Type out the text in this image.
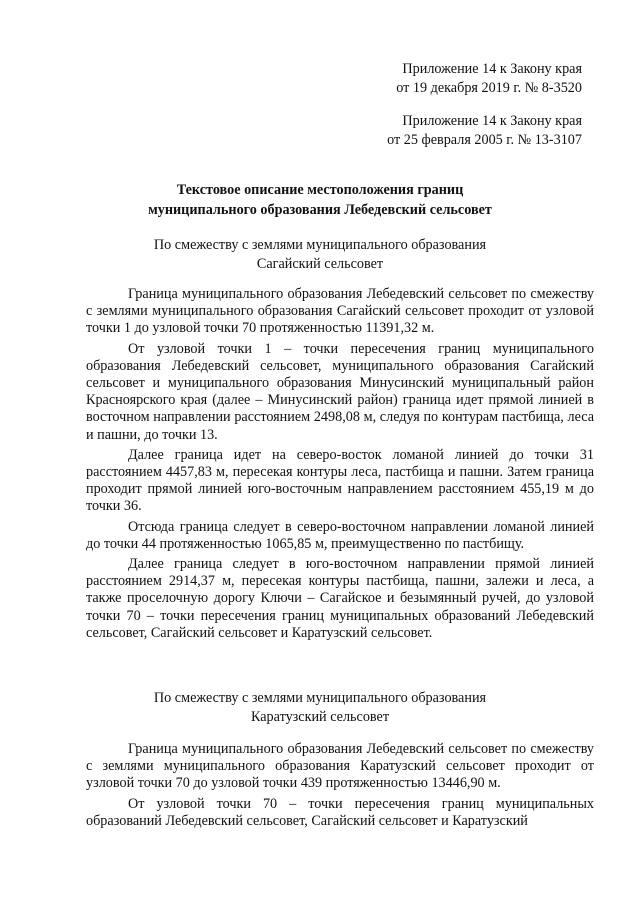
Приложение 14 к Закону края
от 19 декабря 2019 г. № 8-3520
Приложение 14 к Закону края
от 25 февраля 2005 г. № 13-3107
Текстовое описание местоположения границ
муниципального образования Лебедевский сельсовет
По смежеству с землями муниципального образования
Сагайский сельсовет

Граница муниципального образования Лебедевский сельсовет по смежеству с землями муниципального образования Сагайский сельсовет проходит от узловой точки 1 до узловой точки 70 протяженностью 11391,32 м.

От узловой точки 1 – точки пересечения границ муниципального образования Лебедевский сельсовет, муниципального образования Сагайский сельсовет и муниципального образования Минусинский муниципальный район Красноярского края (далее – Минусинский район) граница идет прямой линией в восточном направлении расстоянием 2498,08 м, следуя по контурам пастбища, леса и пашни, до точки 13.

Далее граница идет на северо-восток ломаной линией до точки 31 расстоянием 4457,83 м, пересекая контуры леса, пастбища и пашни. Затем граница проходит прямой линией юго-восточным направлением расстоянием 455,19 м до точки 36.

Отсюда граница следует в северо-восточном направлении ломаной линией до точки 44 протяженностью 1065,85 м, преимущественно по пастбищу.

Далее граница следует в юго-восточном направлении прямой линией расстоянием 2914,37 м, пересекая контуры пастбища, пашни, залежи и леса, а также проселочную дорогу Ключи – Сагайское и безымянный ручей, до узловой точки 70 – точки пересечения границ муниципальных образований Лебедевский сельсовет, Сагайский сельсовет и Каратузский сельсовет.

По смежеству с землями муниципального образования
Каратузский сельсовет

Граница муниципального образования Лебедевский сельсовет по смежеству с землями муниципального образования Каратузский сельсовет проходит от узловой точки 70 до узловой точки 439 протяженностью 13446,90 м.

От узловой точки 70 – точки пересечения границ муниципальных образований Лебедевский сельсовет, Сагайский сельсовет и Каратузский
